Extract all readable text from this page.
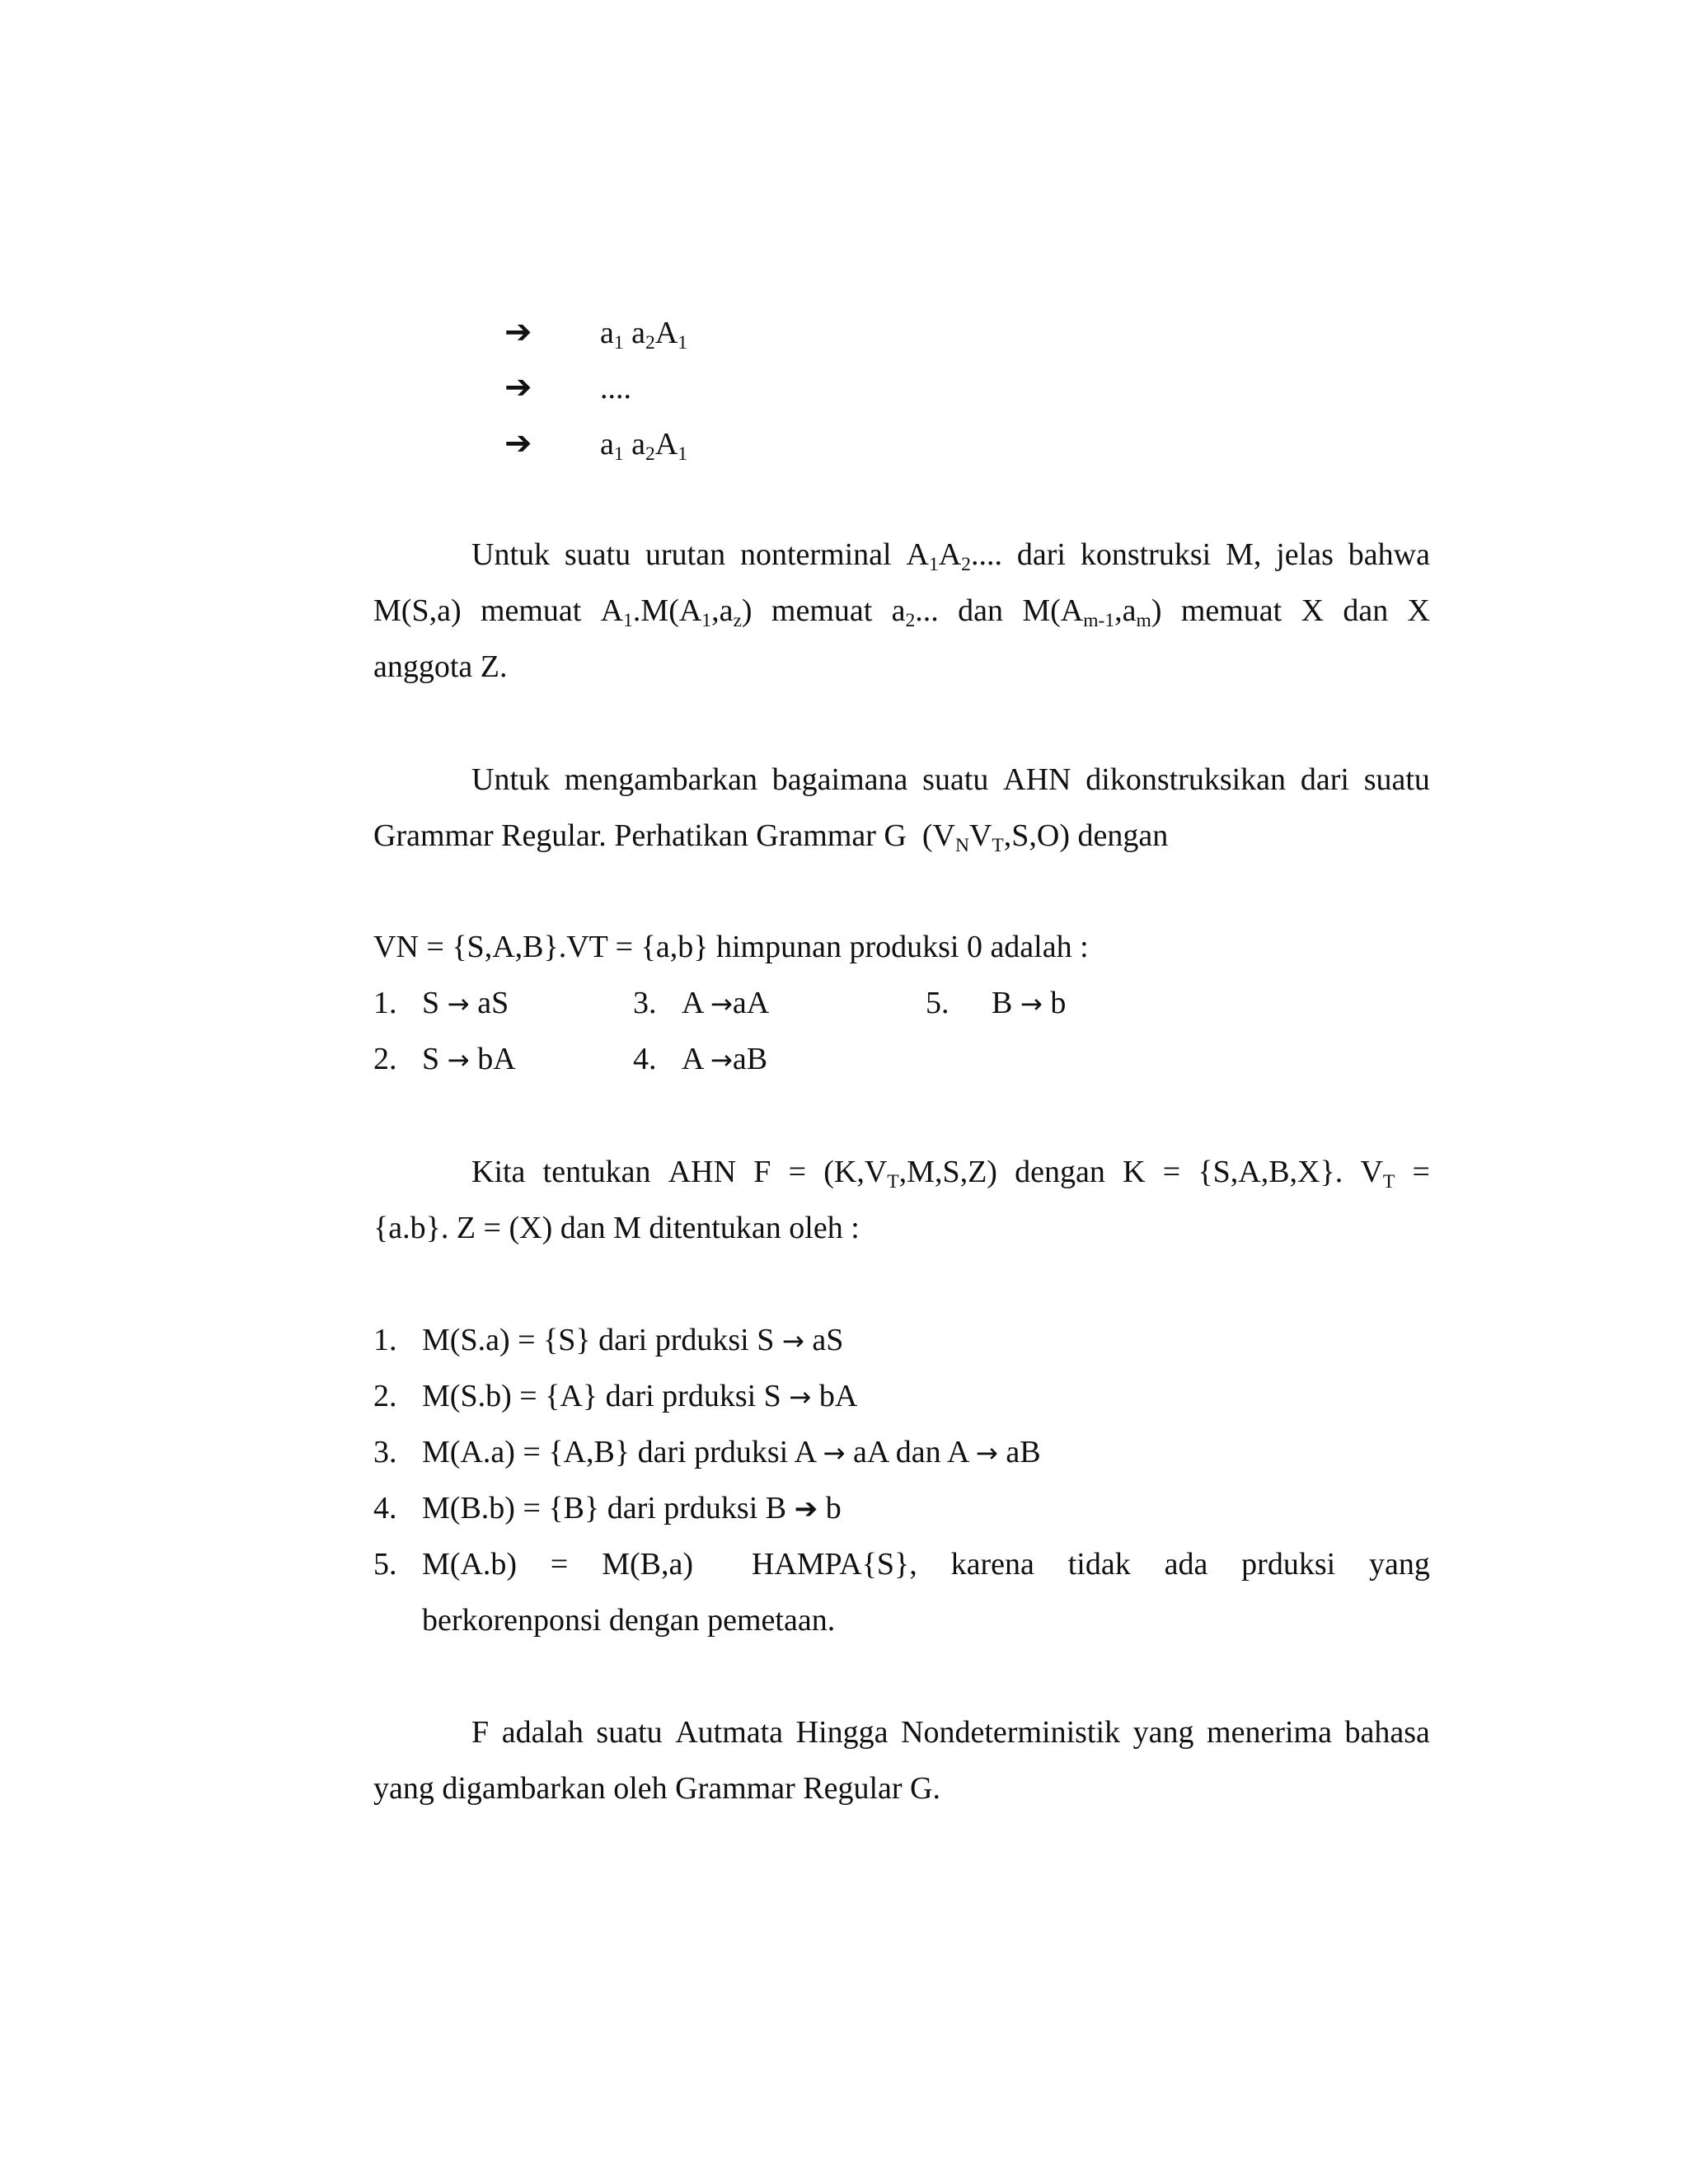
➔ $a_1$ $a_2A_1$
➔ ....
➔ $a_1$ $a_2A_1$
Untuk suatu urutan nonterminal $A_1A_2$.... dari konstruksi M, jelas bahwa
M(S,a) memuat $A_1.M(A_1,a_z)$ memuat $a_2$... dan $M(A_{m-1},a_m)$ memuat X dan X
anggota Z.
Untuk mengambarkan bagaimana suatu AHN dikonstruksikan dari suatu
Grammar Regular. Perhatikan Grammar G  $(V_NV_T,S,O)$ dengan
VN = {S,A,B}.VT = {a,b} himpunan produksi 0 adalah :
1. S → aS	3. A →aA	5. B → b
2. S → bA	4. A →aB
Kita tentukan AHN $F = (K,V_T,M,S,Z)$ dengan K = {S,A,B,X}. $V_T$ =
{a.b}. Z = (X) dan M ditentukan oleh :
1. M(S.a) = {S} dari prduksi S → aS
2. M(S.b) = {A} dari prduksi S → bA
3. M(A.a) = {A,B} dari prduksi A → aA dan A → aB
4. M(B.b) = {B} dari prduksi B ➔ b
5. M(A.b) = M(B,a) HAMPA{S}, karena tidak ada prduksi yang
berkorenponsi dengan pemetaan.
F adalah suatu Autmata Hingga Nondeterministik yang menerima bahasa
yang digambarkan oleh Grammar Regular G.
